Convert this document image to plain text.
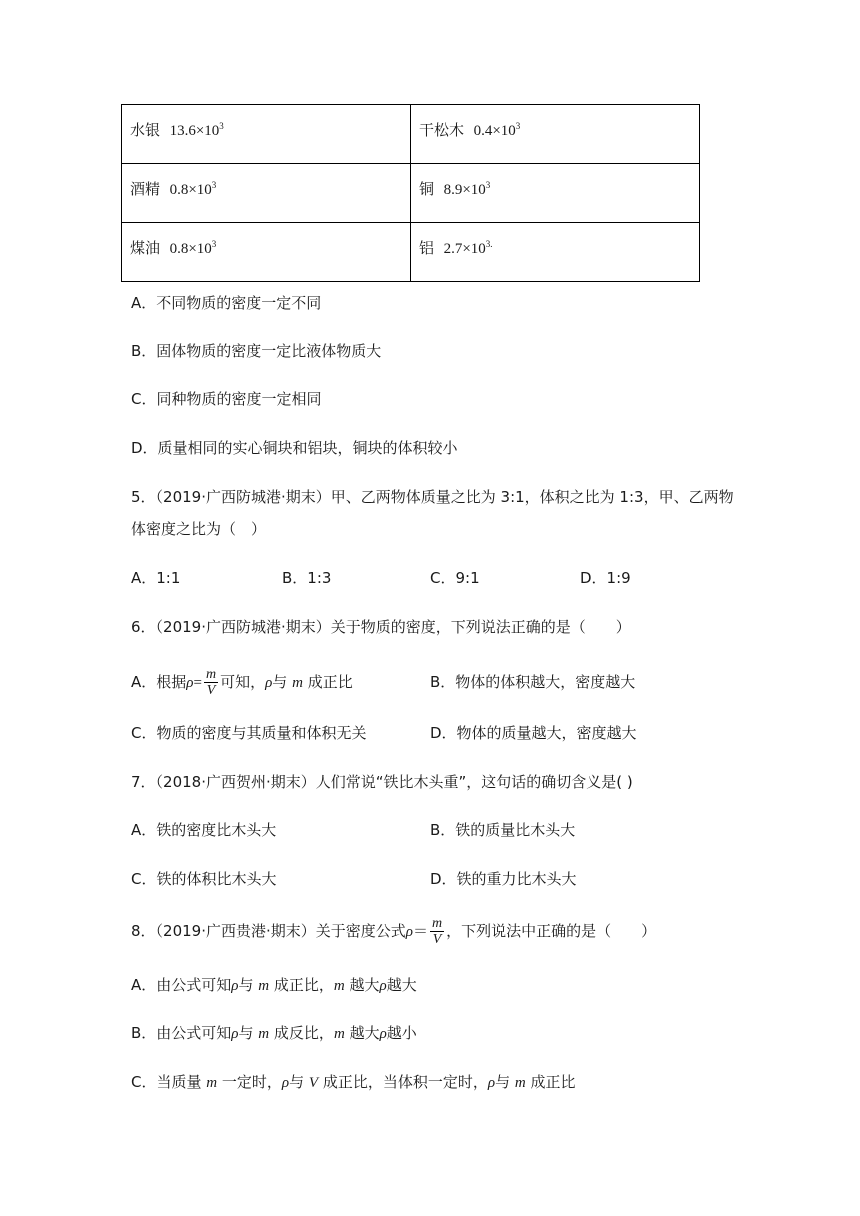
水银 $13.6\times 10^3$	干松木 $0.4\times 10^3$
酒精 $0.8\times 10^3$	铜 $8.9\times 10^3$
煤油 $0.8\times 10^3$	铝 $2.7\times 10^{3.}$
A．不同物质的密度一定不同
B．固体物质的密度一定比液体物质大
C．同种物质的密度一定相同
D．质量相同的实心铜块和铝块，铜块的体积较小
5．（2019·广西防城港·期末）甲、乙两物体质量之比为 3:1，体积之比为 1:3，甲、乙两物
体密度之比为（　）
A．1:1	B．1:3	C．9:1	D．1:9
6．（2019·广西防城港·期末）关于物质的密度，下列说法正确的是（　　）
A．根据$\rho= \frac{m}{V}$ 可知，ρ与 m 成正比	B．物体的体积越大，密度越大
C．物质的密度与其质量和体积无关	D．物体的质量越大，密度越大
7．（2018·广西贺州·期末）人们常说“铁比木头重”，这句话的确切含义是( )
A．铁的密度比木头大	B．铁的质量比木头大
C．铁的体积比木头大	D．铁的重力比木头大
8．（2019·广西贵港·期末）关于密度公式$\rho= \frac{m}{V}$ ，下列说法中正确的是（　　）
A．由公式可知ρ与 m 成正比，m 越大ρ越大
B．由公式可知ρ与 m 成反比，m 越大ρ越小
C．当质量 m 一定时，ρ与 V 成正比，当体积一定时，ρ与 m 成正比
